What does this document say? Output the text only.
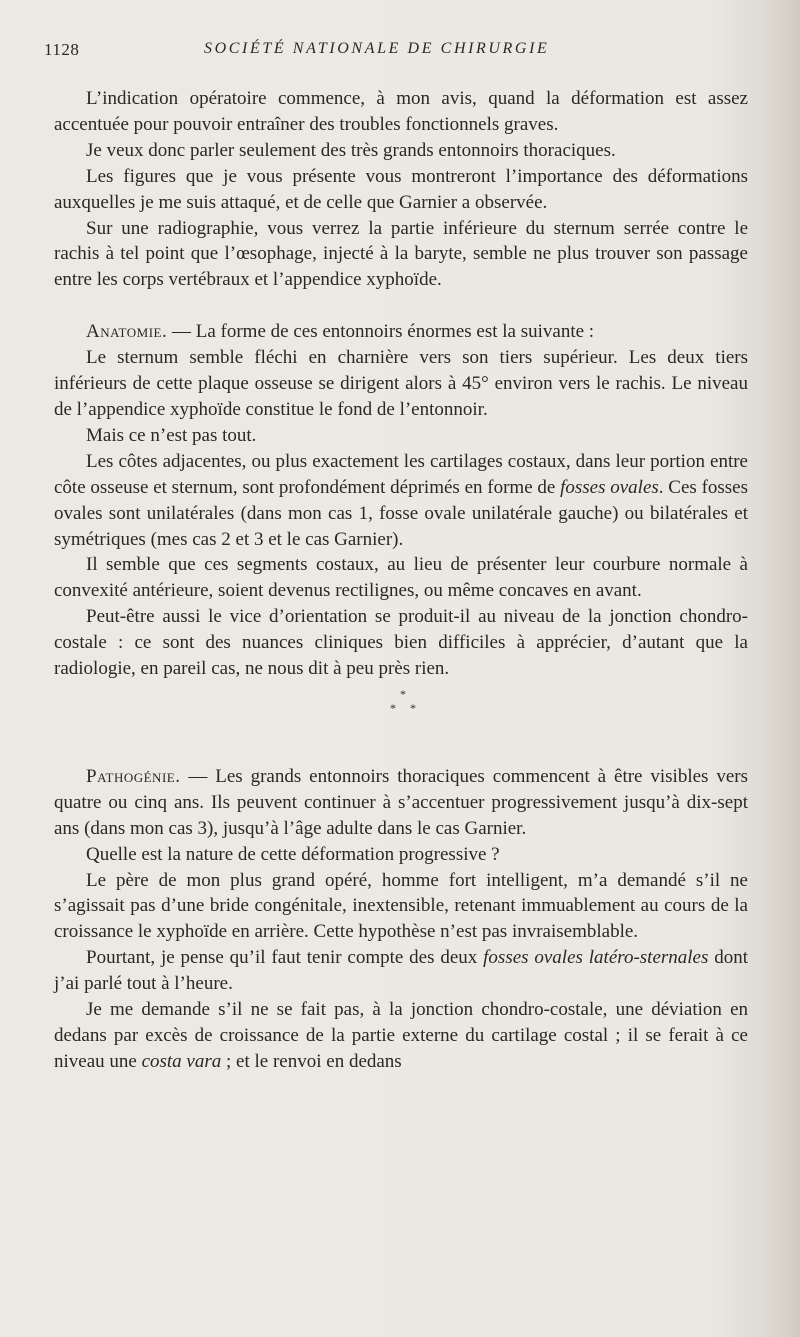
1128	SOCIÉTÉ NATIONALE DE CHIRURGIE

L’indication opératoire commence, à mon avis, quand la déformation est assez accentuée pour pouvoir entraîner des troubles fonctionnels graves.

Je veux donc parler seulement des très grands entonnoirs thoraciques.

Les figures que je vous présente vous montreront l’importance des déformations auxquelles je me suis attaqué, et de celle que Garnier a observée.

Sur une radiographie, vous verrez la partie inférieure du sternum serrée contre le rachis à tel point que l’œsophage, injecté à la baryte, semble ne plus trouver son passage entre les corps vertébraux et l’appendice xyphoïde.

Anatomie. — La forme de ces entonnoirs énormes est la suivante :

Le sternum semble fléchi en charnière vers son tiers supérieur. Les deux tiers inférieurs de cette plaque osseuse se dirigent alors à 45° environ vers le rachis. Le niveau de l’appendice xyphoïde constitue le fond de l’entonnoir.

Mais ce n’est pas tout.

Les côtes adjacentes, ou plus exactement les cartilages costaux, dans leur portion entre côte osseuse et sternum, sont profondément déprimés en forme de fosses ovales. Ces fosses ovales sont unilatérales (dans mon cas 1, fosse ovale unilatérale gauche) ou bilatérales et symétriques (mes cas 2 et 3 et le cas Garnier).

Il semble que ces segments costaux, au lieu de présenter leur courbure normale à convexité antérieure, soient devenus rectilignes, ou même concaves en avant.

Peut-être aussi le vice d’orientation se produit-il au niveau de la jonction chondro-costale : ce sont des nuances cliniques bien difficiles à apprécier, d’autant que la radiologie, en pareil cas, ne nous dit à peu près rien.

*
* *

Pathogénie. — Les grands entonnoirs thoraciques commencent à être visibles vers quatre ou cinq ans. Ils peuvent continuer à s’accentuer progressivement jusqu’à dix-sept ans (dans mon cas 3), jusqu’à l’âge adulte dans le cas Garnier.

Quelle est la nature de cette déformation progressive ?

Le père de mon plus grand opéré, homme fort intelligent, m’a demandé s’il ne s’agissait pas d’une bride congénitale, inextensible, retenant immuablement au cours de la croissance le xyphoïde en arrière. Cette hypothèse n’est pas invraisemblable.

Pourtant, je pense qu’il faut tenir compte des deux fosses ovales latéro-sternales dont j’ai parlé tout à l’heure.

Je me demande s’il ne se fait pas, à la jonction chondro-costale, une déviation en dedans par excès de croissance de la partie externe du cartilage costal ; il se ferait à ce niveau une costa vara ; et le renvoi en dedans
